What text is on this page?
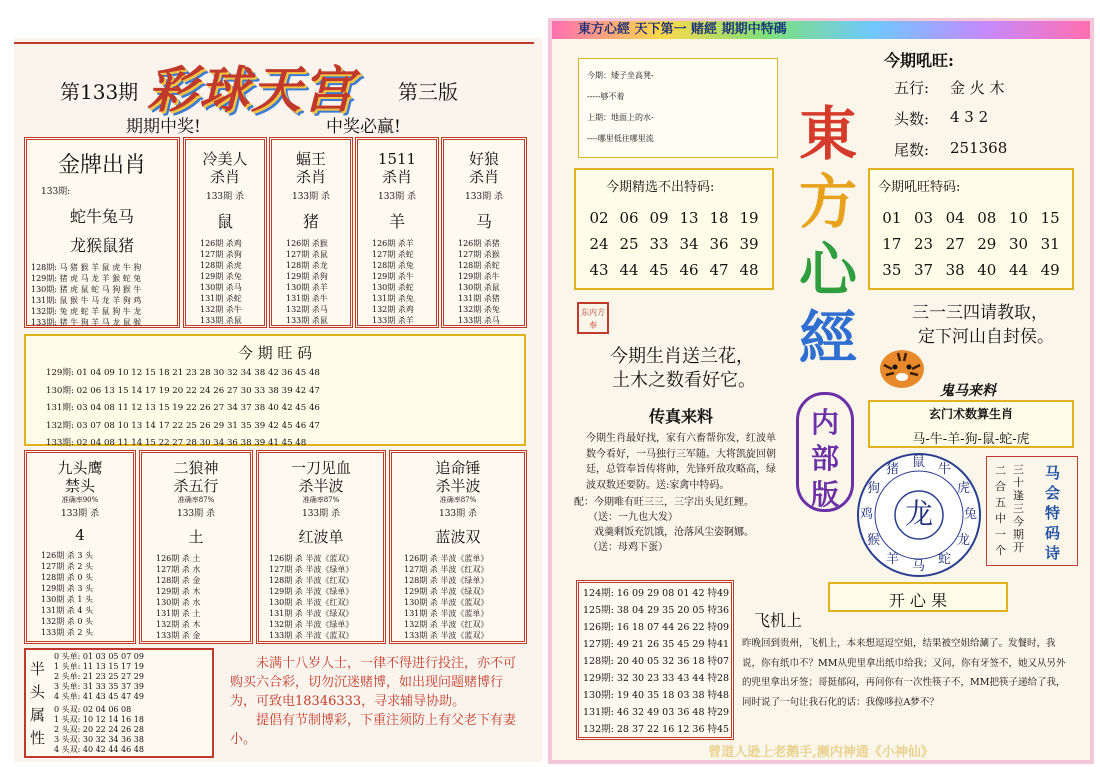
第133期 彩球天宫 第三版
期期中奖!	中奖必赢!
金牌出肖
133期:
蛇牛兔马
龙猴鼠猪
128期: 马 猪 猴 羊 鼠 虎 牛 狗
129期: 猪 虎 马 龙 羊 猴 蛇 兔
130期: 猪 虎 鼠 蛇 马 狗 猴 牛
131期: 鼠 猴 牛 马 龙 羊 狗 鸡
132期: 兔 虎 蛇 羊 鼠 狗 牛 龙
133期: 猪 牛 狗 羊 马 龙 鼠 猴
冷美人
杀肖
133期 杀
鼠
126期 杀鸡
127期 杀狗
128期 杀虎
129期 杀兔
130期 杀马
131期 杀蛇
132期 杀牛
133期 杀鼠
蝠王
杀肖
133期 杀
猪
126期 杀猴
127期 杀鼠
128期 杀龙
129期 杀狗
130期 杀羊
131期 杀牛
132期 杀马
133期 杀鼠
1511
杀肖
133期 杀
羊
126期 杀羊
127期 杀蛇
128期 杀兔
129期 杀牛
130期 杀蛇
131期 杀兔
132期 杀鸡
133期 杀羊
好狼
杀肖
133期 杀
马
126期 杀猪
127期 杀猴
128期 杀蛇
129期 杀牛
130期 杀鼠
131期 杀猪
132期 杀兔
133期 杀马
今 期 旺 码
129期: 01 04 09 10 12 15 18 21 23 28 30 32 34 38 42 36 45 48
130期: 02 06 13 15 14 17 19 20 22 24 26 27 30 33 38 39 42 47
131期: 03 04 08 11 12 13 15 19 22 26 27 34 37 38 40 42 45 46
132期: 03 07 08 10 13 14 17 22 25 26 29 31 35 39 42 45 46 47
133期: 02 04 08 11 14 15 22 27 28 30 34 36 38 39 41 45 48
九头鹰
禁头
准确率90%
133期 杀
4
126期 杀 3 头
127期 杀 2 头
128期 杀 0 头
129期 杀 3 头
130期 杀 1 头
131期 杀 4 头
132期 杀 0 头
133期 杀 2 头
二狼神
杀五行
准确率87%
133期 杀
土
126期 杀 土
127期 杀 水
128期 杀 金
129期 杀 木
130期 杀 水
131期 杀 土
132期 杀 木
133期 杀 金
一刀见血
杀半波
准确率87%
133期 杀
红波单
126期 杀 半波《蓝双》
127期 杀 半波《绿单》
128期 杀 半波《红双》
129期 杀 半波《绿单》
130期 杀 半波《红双》
131期 杀 半波《绿双》
132期 杀 半波《绿单》
133期 杀 半波《蓝双》
追命锤
杀半波
准确率87%
133期 杀
蓝波双
126期 杀 半波《蓝单》
127期 杀 半波《红双》
128期 杀 半波《绿单》
129期 杀 半波《绿双》
130期 杀 半波《蓝双》
131期 杀 半波《蓝单》
132期 杀 半波《红双》
133期 杀 半波《蓝双》
半头属性
0 头单: 01 03 05 07 09
1 头单: 11 13 15 17 19
2 头单: 21 23 25 27 29
3 头单: 31 33 35 37 39
4 头单: 41 43 45 47 49
0 头双: 02 04 06 08
1 头双: 10 12 14 16 18
2 头双: 20 22 24 26 28
3 头双: 30 32 34 36 38
4 头双: 40 42 44 46 48
未满十八岁人士，一律不得进行投注，亦不可购买六合彩，切勿沉迷赌博，如出现问题赌博行为，可致电18346333，寻求辅导协助。
提倡有节制博彩，下重注须防上有父老下有妻小。
東方心經 天下第一 赌經 期期中特碼
今期：矮子坐高凳-
-----够不着
上期：地面上的水-
----哪里低往哪里流
今期吼旺:
五行:	金 火 木
头数:	4 3 2
尾数:	251368
今期精选不出特码:
02 06 09 13 18 19
24 25 33 34 36 39
43 44 45 46 47 48
東
方
心
經
内部版
今期吼旺特码:
01 03 04 08 10 15
17 23 27 29 30 31
35 37 38 40 44 49
东内方奉
今期生肖送兰花，
土木之数看好它。
三一三四请教取，
定下河山自封侯。
鬼马来料
玄门术数算生肖
马-牛-羊-狗-鼠-蛇-虎
传真来料
今期生肖最好找，家有六畜帮你发，红波单数今看好，一马独行三军随。大将凯旋回朝廷，总管奉旨传将帅，先锋歼敌攻略高，绿波双数还要防。送:家禽中特码。
配：今期唯有旺三三，三字出头见红鲤。
（送：一九也大发）
戏羹剩饭充饥饿，沧落风尘姿锕娜。
（送：母鸡下蛋）
牛
虎
兔
龙
蛇
马
羊
猴
鸡
狗
猪 鼠
龙
三十逢三今期开
二合五中一个
马会特码诗
124期: 16 09 29 08 01 42 特49
125期: 38 04 29 35 20 05 特36
126期: 16 18 07 44 26 22 特09
127期: 49 21 26 35 45 29 特41
128期: 20 40 05 32 36 18 特07
129期: 32 30 23 33 43 44 特28
130期: 19 40 35 18 03 38 特48
131期: 46 32 49 03 36 48 特29
132期: 28 37 22 16 12 36 特45
开 心 果
飞机上
昨晚回到贵州，飞机上，本来想逗逗空姐，结果被空姐给涮了。发餐时，我说，你有纸巾不？MM从兜里拿出纸巾给我；又问，你有牙签不，她又从另外的兜里拿出牙签；哥挺郁闷，再问你有一次性筷子不，MM把筷子递给了我，同时说了一句让我石化的话：我像哆拉A梦不？
曾道人逊上老鹅手,濒内神通《小神仙》
